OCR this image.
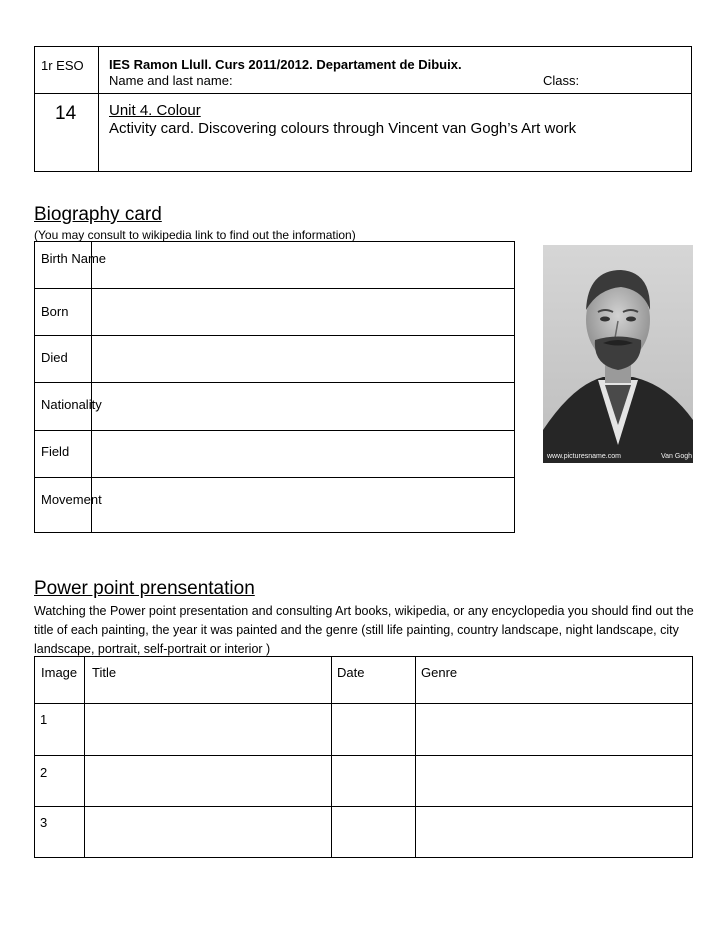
1r ESO IES Ramon Llull. Curs 2011/2012. Departament de Dibuix.
Name and last name:	Class:
14 Unit 4. Colour
Activity card. Discovering colours through Vincent van Gogh’s Art work
Biography card
(You may consult to wikipedia link to find out the information)
Birth Name
Born
Died
Nationality
Field
Movement
www.picturesname.com	Van Gogh
Power point prensentation
Watching the Power point presentation and consulting Art books, wikipedia, or any encyclopedia you should find out the title of each painting, the year it was painted and the genre (still life painting, country landscape, night landscape, city landscape, portrait, self-portrait or interior )
Image Title	Date	Genre
1
2
3
